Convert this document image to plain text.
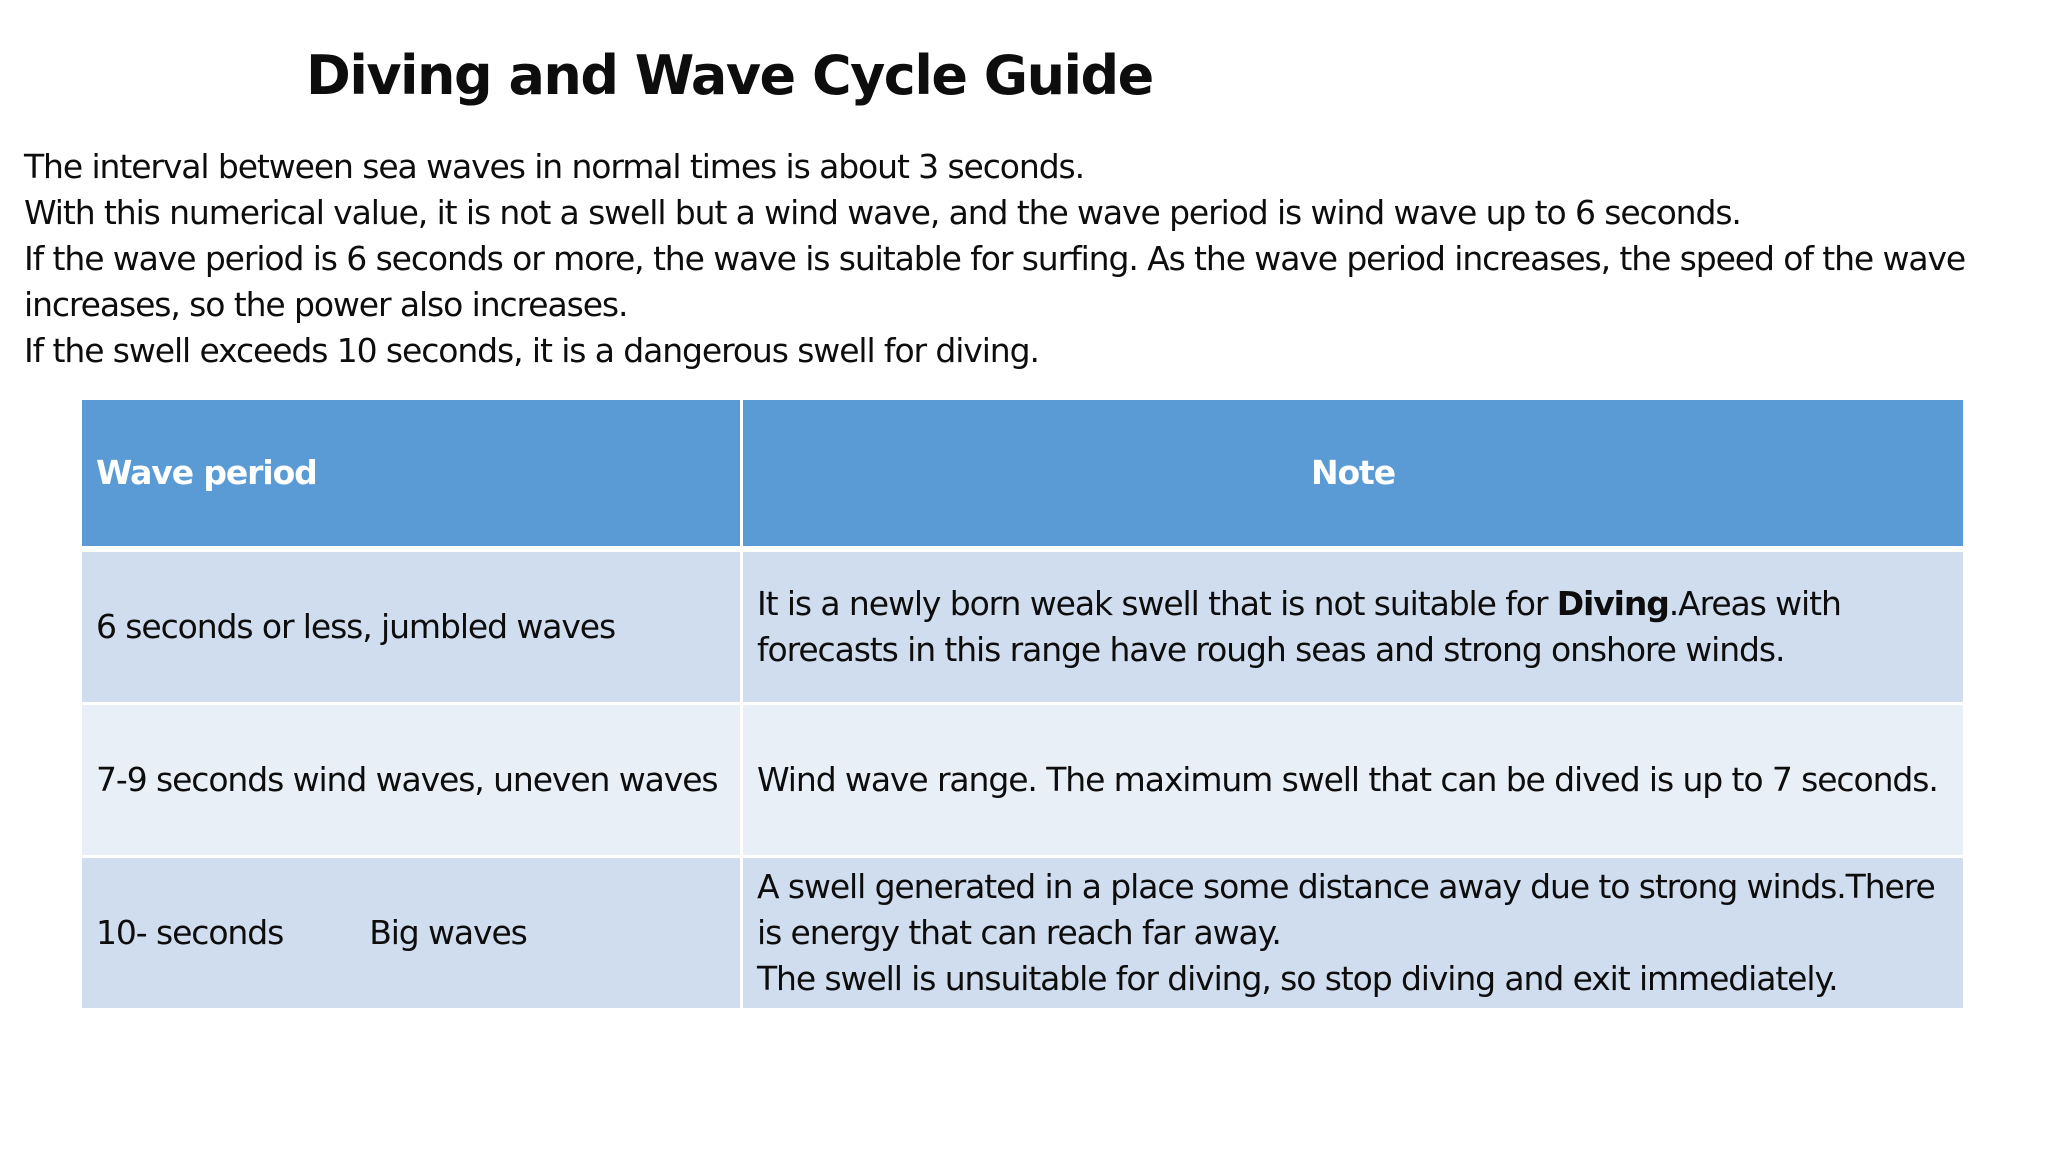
Diving and Wave Cycle Guide

The interval between sea waves in normal times is about 3 seconds.

With this numerical value, it is not a swell but a wind wave, and the wave period is wind wave up to 6 seconds.

If the wave period is 6 seconds or more, the wave is suitable for surfing. As the wave period increases, the speed of the wave increases, so the power also increases.

If the swell exceeds 10 seconds, it is a dangerous swell for diving.

Wave period	Note
6 seconds or less, jumbled waves	It is a newly born weak swell that is not suitable for Diving.Areas with forecasts in this range have rough seas and strong onshore winds.
7-9 seconds wind waves, uneven waves	Wind wave range. The maximum swell that can be dived is up to 7 seconds.
10- seconds Big waves	A swell generated in a place some distance away due to strong winds.There is energy that can reach far away.
The swell is unsuitable for diving, so stop diving and exit immediately.
